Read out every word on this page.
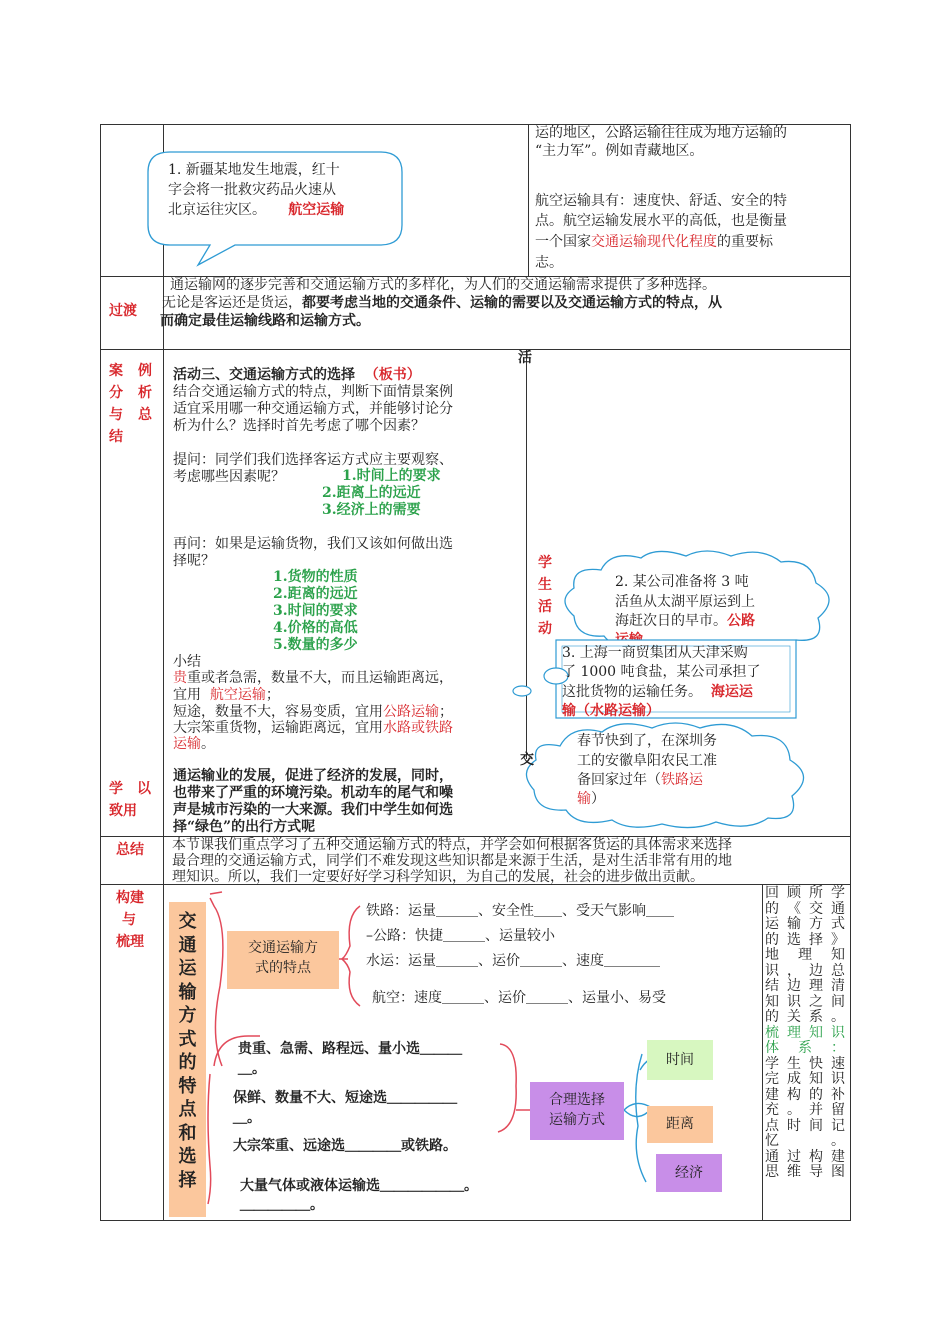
运的地区，公路运输往往成为地方运输的
“主力军”。例如青藏地区。
航空运输具有：速度快、舒适、安全的特
点。航空运输发展水平的高低，也是衡量
一个国家交通运输现代化程度的重要标
志。
1. 新疆某地发生地震，红十
字会将一批救灾药品火速从
北京运往灾区。 航空运输
过渡
通运输网的逐步完善和交通运输方式的多样化，为人们的交通运输需求提供了多种选择。
无论是客运还是货运，都要考虑当地的交通条件、运输的需要以及交通运输方式的特点，从
而确定最佳运输线路和运输方式。
案 例
分 析
与 总
结
活
活动三、交通运输方式的选择 （板书）
结合交通运输方式的特点，判断下面情景案例
适宜采用哪一种交通运输方式，并能够讨论分
析为什么？选择时首先考虑了哪个因素？
提问：同学们我们选择客运方式应主要观察、
考虑哪些因素呢？	1.时间上的要求
2.距离上的远近
3.经济上的需要
再问：如果是运输货物，我们又该如何做出选
择呢？
1.货物的性质
2.距离的远近
3.时间的要求
4.价格的高低
5.数量的多少
小结
贵重或者急需，数量不大，而且运输距离远，
宜用 航空运输；
短途，数量不大，容易变质，宜用公路运输；
大宗笨重货物，运输距离远，宜用水路或铁路
运输。
学
生
活
动
2. 某公司准备将 3 吨
活鱼从太湖平原运到上
海赶次日的早市。公路
3. 上海一商贸集团从天津采购
了 1000 吨食盐，某公司承担了
这批货物的运输任务。 海运运
输（水路运输）
春节快到了，在深圳务
工的安徽阜阳农民工准
备回家过年（铁路运
输）
交
学　以
致用
通运输业的发展，促进了经济的发展，同时，
也带来了严重的环境污染。机动车的尾气和噪
声是城市污染的一大来源。我们中学生如何选
择“绿色”的出行方式呢
总结 本节课我们重点学习了五种交通运输方式的特点，并学会如何根据客货运的具体需求来选择
最合理的交通运输方式，同学们不难发现这些知识都是来源于生活，是对生活非常有用的地
理知识。所以，我们一定要好好学习科学知识，为自己的发展，社会的进步做出贡献。
构建
与
梳理
交
通
运
输
方
式
的
特
点
和
选
择
交通运输方
式的特点
铁路：运量＿＿＿、安全性＿＿、受天气影响＿＿
–公路：快捷＿＿＿、运量较小
水运：运量＿＿＿、运价＿＿＿、速度＿＿＿＿
航空：速度＿＿＿、运价＿＿＿、运量小、易受
贵重、急需、路程远、量小选＿＿＿
＿。
保鲜、数量不大、短途选＿＿＿＿＿
＿。
大宗笨重、远途选＿＿＿＿或铁路。
大量气体或液体运输选＿＿＿＿＿＿。
＿＿＿＿＿。
合理选择
运输方式
时间
距离
经济
回顾所学
的《交通
运输方式
的选择》
地理知
识，边总
结边理清
知识之间
的关系。
梳理知识
体系：
学生快速
完成知识
建构的补
充。并留
点时间记
忆。
通过构建
思维导图
